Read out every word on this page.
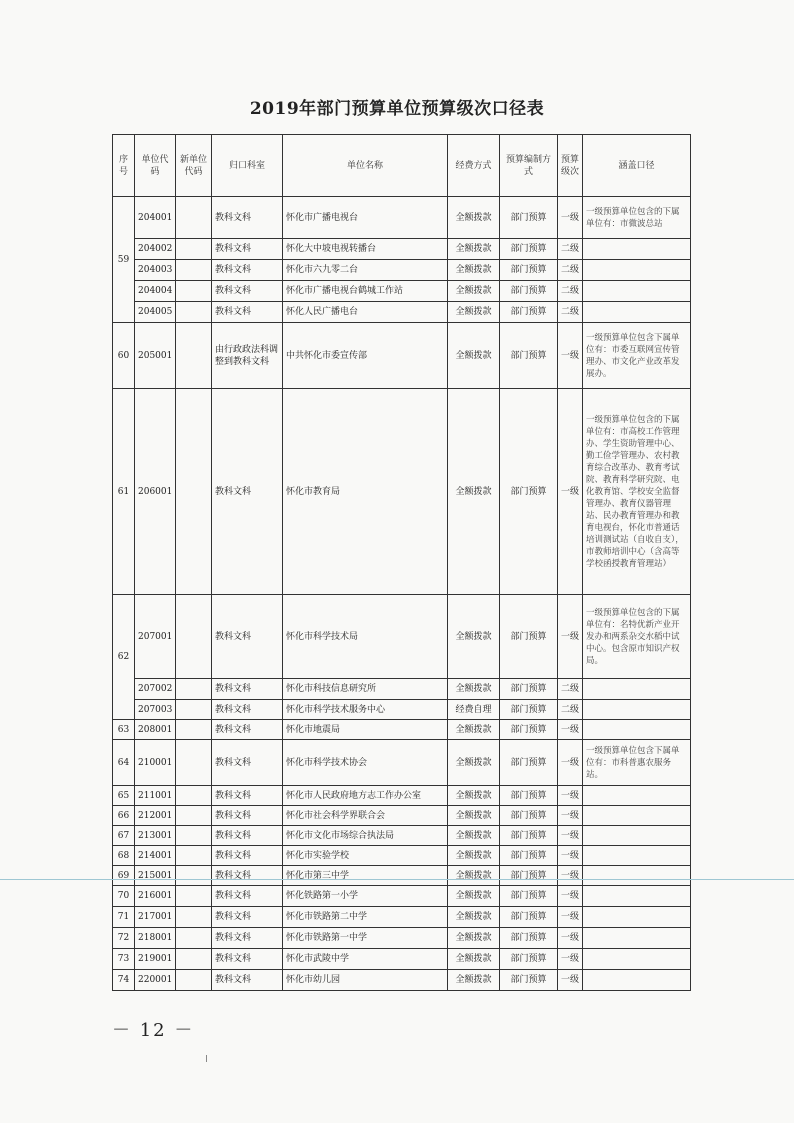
2019年部门预算单位预算级次口径表
序号	单位代码	新单位代码	归口科室	单位名称	经费方式	预算编制方式	预算级次	涵盖口径
59	204001		教科文科	怀化市广播电视台	全额拨款	部门预算	一级	一级预算单位包含的下属单位有：市微波总站
	204002		教科文科	怀化大中坡电视转播台	全额拨款	部门预算	二级	
	204003		教科文科	怀化市六九零二台	全额拨款	部门预算	二级	
	204004		教科文科	怀化市广播电视台鹤城工作站	全额拨款	部门预算	二级	
	204005		教科文科	怀化人民广播电台	全额拨款	部门预算	二级	
60	205001		由行政政法科调整到教科文科	中共怀化市委宣传部	全额拨款	部门预算	一级	一级预算单位包含下属单位有：市委互联网宣传管理办、市文化产业改革发展办。
61	206001		教科文科	怀化市教育局	全额拨款	部门预算	一级	一级预算单位包含的下属单位有：市高校工作管理办、学生资助管理中心、勤工俭学管理办、农村教育综合改革办、教育考试院、教育科学研究院、电化教育馆、学校安全监督管理办、教育仪器管理站、民办教育管理办和教育电视台，怀化市普通话培训测试站（自收自支），市教师培训中心（含高等学校函授教育管理站）
62	207001		教科文科	怀化市科学技术局	全额拨款	部门预算	一级	一级预算单位包含的下属单位有：名特优新产业开发办和两系杂交水稻中试中心。包含原市知识产权局。
	207002		教科文科	怀化市科技信息研究所	全额拨款	部门预算	二级	
	207003		教科文科	怀化市科学技术服务中心	经费自理	部门预算	二级	
63	208001		教科文科	怀化市地震局	全额拨款	部门预算	一级	
64	210001		教科文科	怀化市科学技术协会	全额拨款	部门预算	一级	一级预算单位包含下属单位有：市科普惠农服务站。
65	211001		教科文科	怀化市人民政府地方志工作办公室	全额拨款	部门预算	一级	
66	212001		教科文科	怀化市社会科学界联合会	全额拨款	部门预算	一级	
67	213001		教科文科	怀化市文化市场综合执法局	全额拨款	部门预算	一级	
68	214001		教科文科	怀化市实验学校	全额拨款	部门预算	一级	
69	215001		教科文科	怀化市第三中学	全额拨款	部门预算	一级	
70	216001		教科文科	怀化铁路第一小学	全额拨款	部门预算	一级	
71	217001		教科文科	怀化市铁路第二中学	全额拨款	部门预算	一级	
72	218001		教科文科	怀化市铁路第一中学	全额拨款	部门预算	一级	
73	219001		教科文科	怀化市武陵中学	全额拨款	部门预算	一级	
74	220001		教科文科	怀化市幼儿园	全额拨款	部门预算	一级	
－ 12 －
